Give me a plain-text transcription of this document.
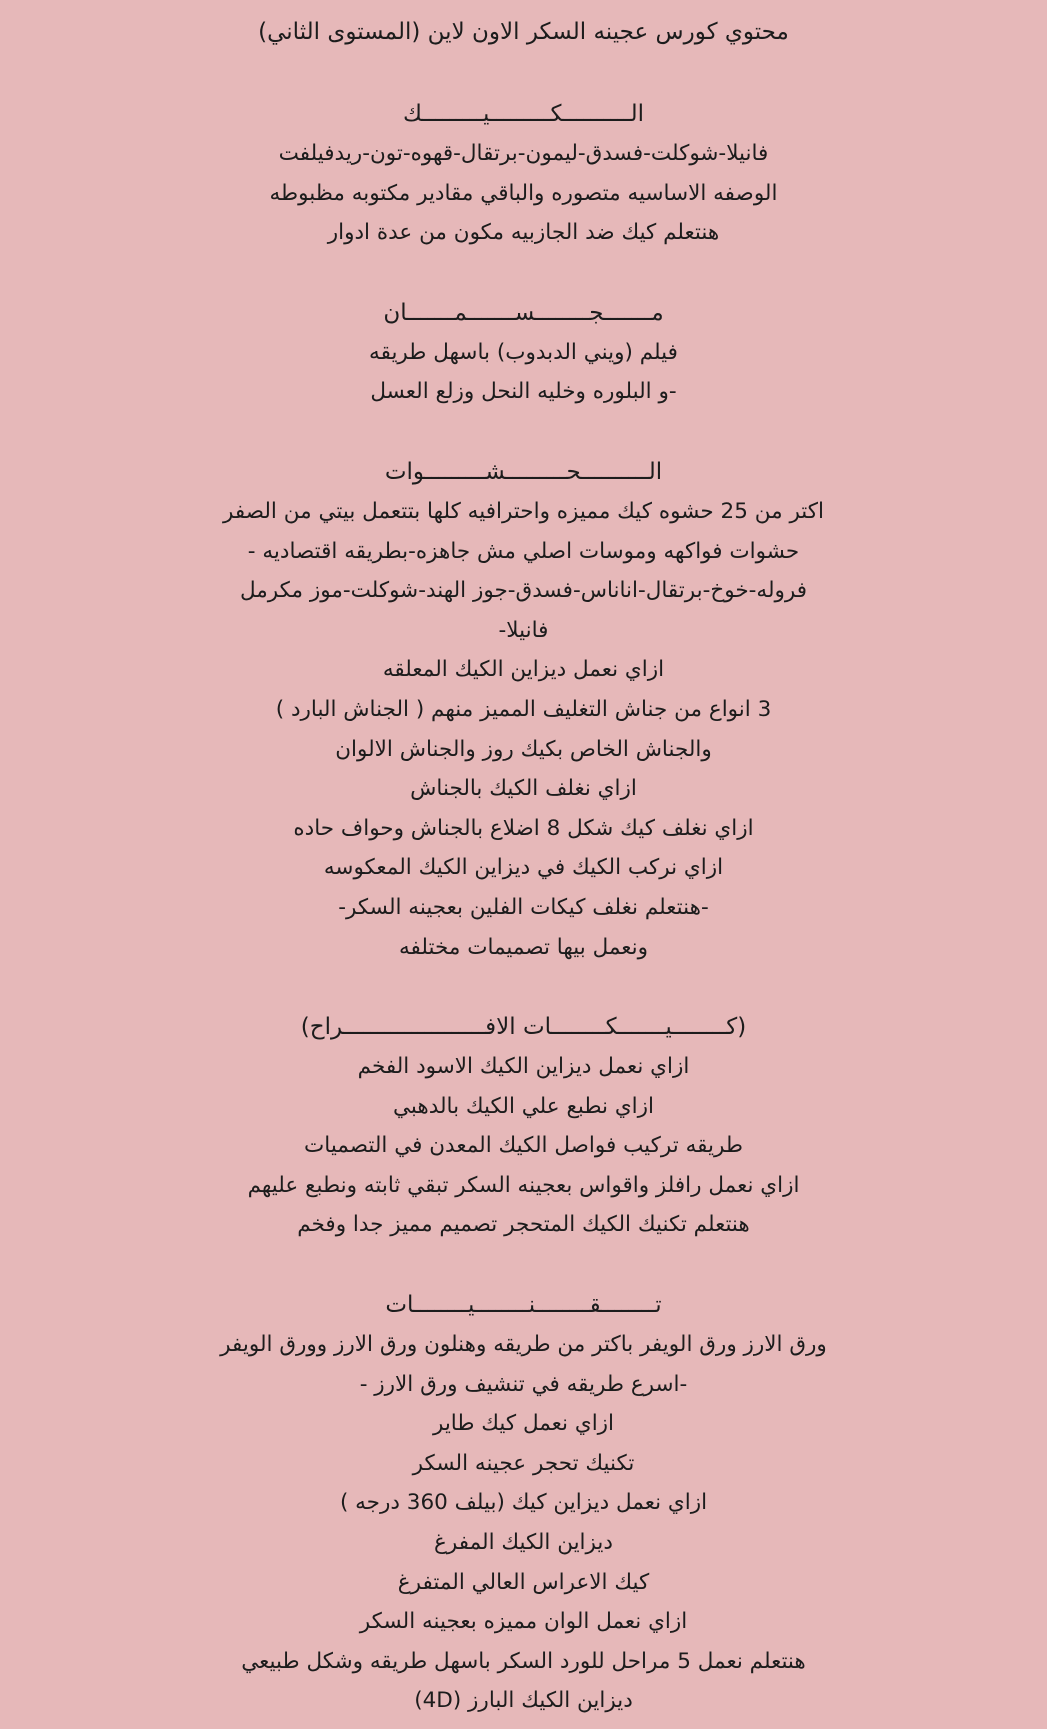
محتوي كورس عجينه السكر الاون لاين (المستوى الثاني)
الــــــــــكـــــــــيـــــــــك

فانيلا-شوكلت-فسدق-ليمون-برتقال-قهوه-تون-ريدفيلفت

الوصفه الاساسيه متصوره والباقي مقادير مكتوبه مظبوطه

هنتعلم كيك ضد الجازبيه مكون من عدة ادوار

مـــــــجــــــــســـــــمـــــــان

فيلم (ويني الدبدوب) باسهل طريقه

-و البلوره وخليه النحل وزلع العسل

الــــــــــحـــــــــشـــــــــوات

اكتر من 25 حشوه كيك مميزه واحترافيه كلها بتتعمل بيتي من الصفر

حشوات فواكهه وموسات اصلي مش جاهزه-بطريقه اقتصاديه -

فروله-خوخ-برتقال-اناناس-فسدق-جوز الهند-شوكلت-موز مكرمل

فانيلا-

ازاي نعمل ديزاين الكيك المعلقه

3 انواع من جناش التغليف المميز منهم ( الجناش البارد )

والجناش الخاص بكيك روز والجناش الالوان

ازاي نغلف الكيك بالجناش

ازاي نغلف كيك شكل 8 اضلاع بالجناش وحواف حاده

ازاي نركب الكيك في ديزاين الكيك المعكوسه

-هنتعلم نغلف كيكات الفلين بعجينه السكر-

ونعمل بيها تصميمات مختلفه

(كــــــــيـــــــكــــــــات الافـــــــــــــــــــــراح)

ازاي نعمل ديزاين الكيك الاسود الفخم

ازاي نطبع علي الكيك بالدهبي

طريقه تركيب فواصل الكيك المعدن في التصميات

ازاي نعمل رافلز واقواس بعجينه السكر تبقي ثابته ونطبع عليهم

هنتعلم تكنيك الكيك المتحجر تصميم مميز جدا وفخم

تــــــــقــــــــنــــــــيــــــــات

ورق الارز ورق الويفر باكتر من طريقه وهنلون ورق الارز وورق الويفر

-اسرع طريقه في تنشيف ورق الارز -

ازاي نعمل كيك طاير

تكنيك تحجر عجينه السكر

ازاي نعمل ديزاين كيك (بيلف 360 درجه )

ديزاين الكيك المفرغ

كيك الاعراس العالي المتفرغ

ازاي نعمل الوان مميزه بعجينه السكر

هنتعلم نعمل 5 مراحل للورد السكر باسهل طريقه وشكل طبيعي

ديزاين الكيك البارز (4D)
